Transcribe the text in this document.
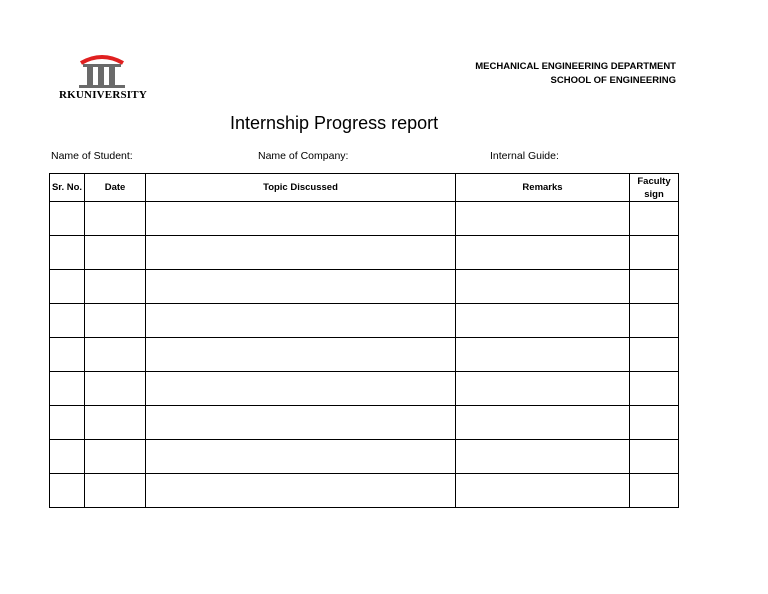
RKUNIVERSITY
MECHANICAL ENGINEERING DEPARTMENT
SCHOOL OF ENGINEERING
Internship Progress report
Name of Student:	Name of Company:	Internal Guide:
Sr. No.	Date	Topic Discussed	Remarks	Faculty sign
